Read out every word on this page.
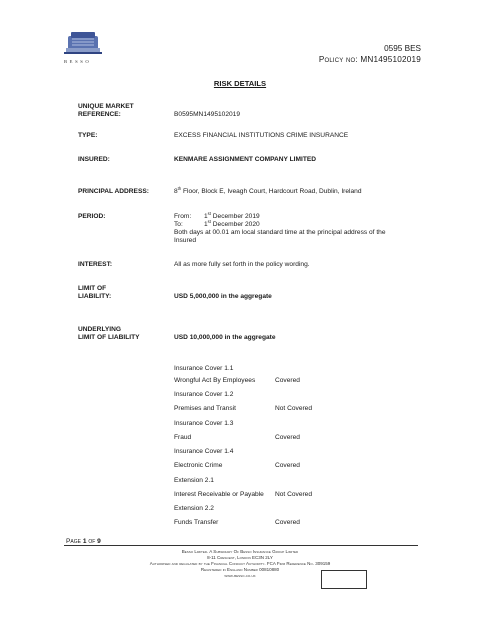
BESSO
0595 BES
Policy no: MN1495102019
RISK DETAILS
UNIQUE MARKET
REFERENCE:	B0595MN1495102019
TYPE:	EXCESS FINANCIAL INSTITUTIONS CRIME INSURANCE
INSURED:	KENMARE ASSIGNMENT COMPANY LIMITED
PRINCIPAL ADDRESS:	8th Floor, Block E, Iveagh Court, Hardcourt Road, Dublin, Ireland
PERIOD:	From: 1st December 2019
To:	1st December 2020
Both days at 00.01 am local standard time at the principal address of the
Insured
INTEREST:	All as more fully set forth in the policy wording.
LIMIT OF
LIABILITY:	USD 5,000,000 in the aggregate
UNDERLYING
LIMIT OF LIABILITY	USD 10,000,000 in the aggregate
Insurance Cover 1.1
Wrongful Act By Employees	Covered
Insurance Cover 1.2
Premises and Transit	Not Covered
Insurance Cover 1.3
Fraud	Covered
Insurance Cover 1.4
Electronic Crime	Covered
Extension 2.1
Interest Receivable or Payable Not Covered
Extension 2.2
Funds Transfer	Covered
Page 1 of 9
Besso Limited. A Subsidiary Of Besso Insurance Group Limited
8-11 Crescent, London EC3N 2LY
Authorised and regulated by the Financial Conduct Authority. FCA Firm Reference No. 309159
Registered in England Number 00810880
www.besso.co.uk
